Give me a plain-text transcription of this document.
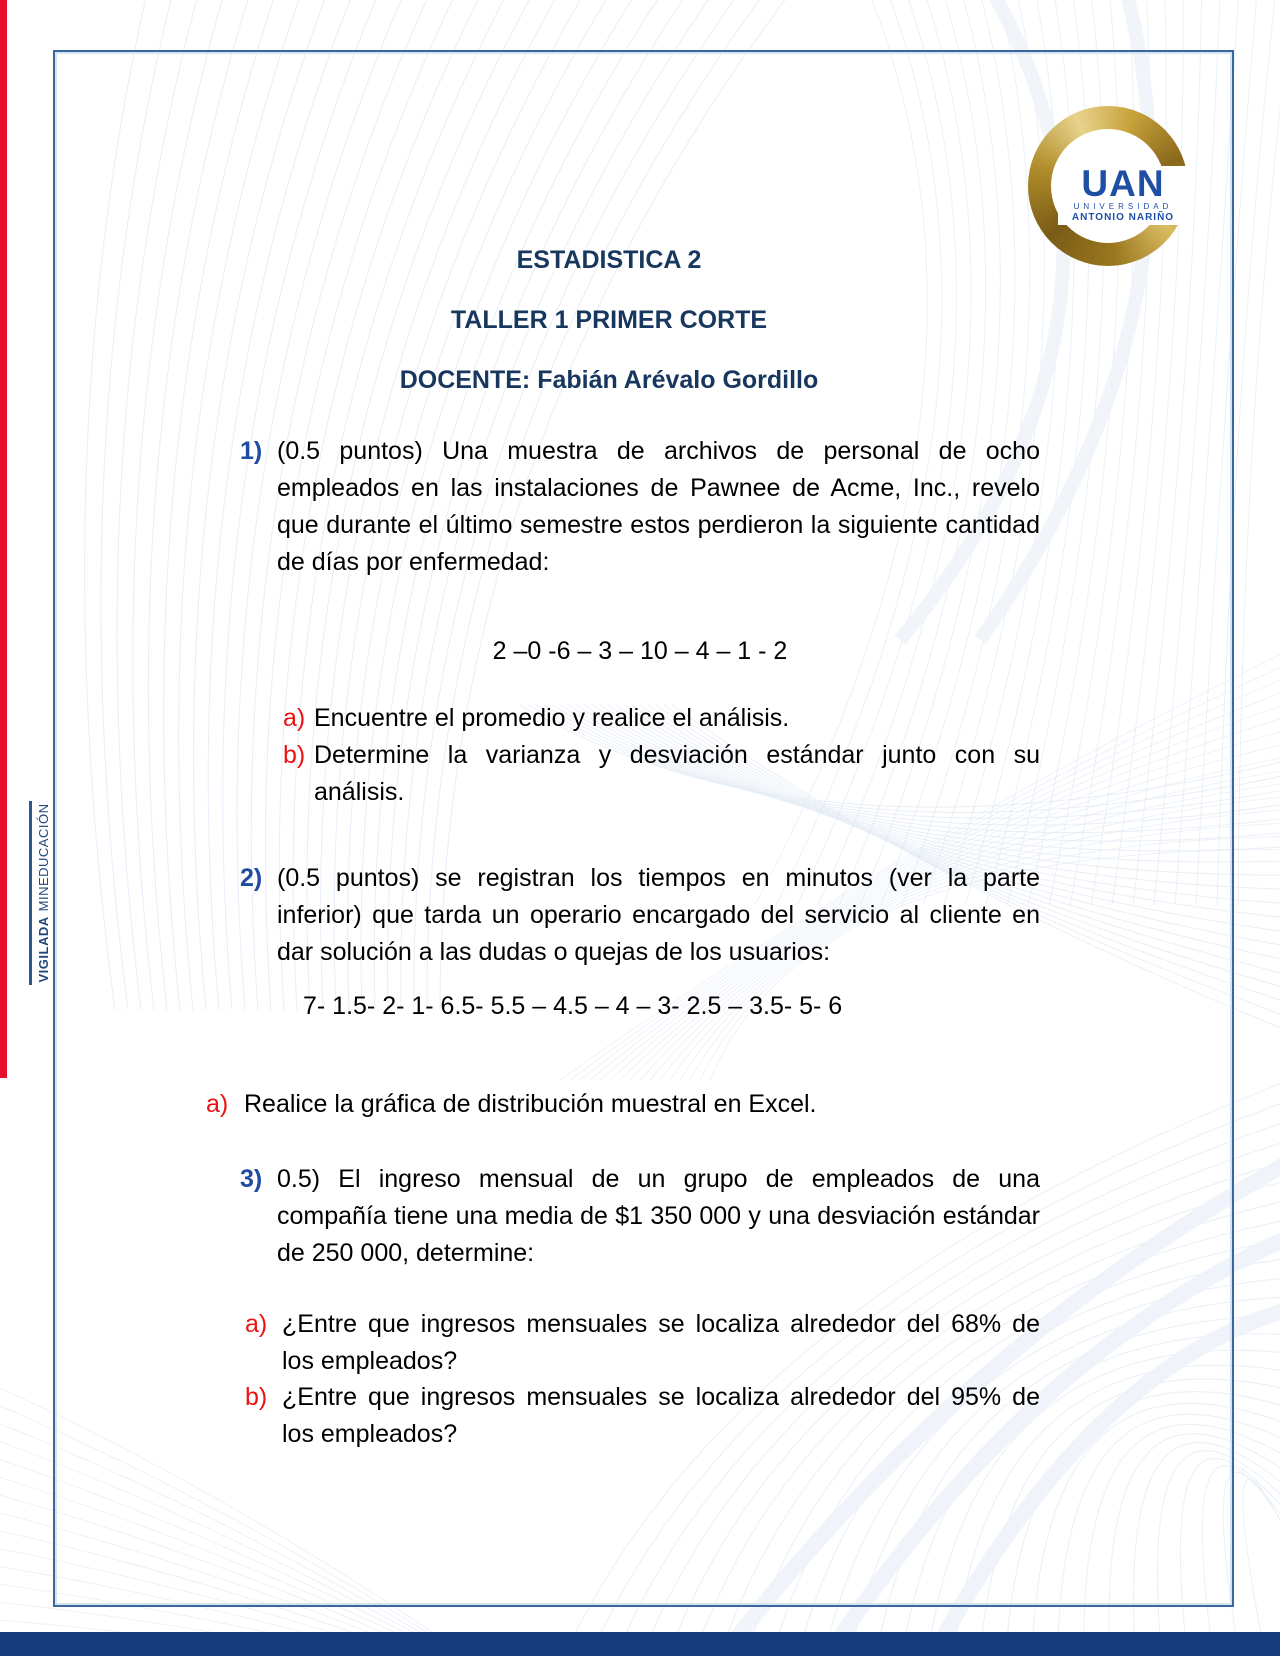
VIGILADA
MINEDUCACIÓN
UAN
UNIVERSIDAD
ANTONIO NARIÑO
ESTADISTICA 2
TALLER 1 PRIMER CORTE
DOCENTE: Fabián Arévalo Gordillo
1) (0.5 puntos) Una muestra de archivos de personal de ocho empleados en las instalaciones de Pawnee de Acme, Inc., revelo que durante el último semestre estos perdieron la siguiente cantidad de días por enfermedad:

2 –0 -6 – 3 – 10 – 4 – 1 - 2
a) Encuentre el promedio y realice el análisis.

b) Determine la varianza y desviación estándar junto con su análisis.

2) (0.5 puntos) se registran los tiempos en minutos (ver la parte inferior) que tarda un operario encargado del servicio al cliente en dar solución a las dudas o quejas de los usuarios:

7- 1.5- 2- 1- 6.5- 5.5 – 4.5 – 4 – 3- 2.5 – 3.5- 5- 6
a) Realice la gráfica de distribución muestral en Excel.

3) 0.5) El ingreso mensual de un grupo de empleados de una compañía tiene una media de $1 350 000 y una desviación estándar de 250 000, determine:

a) ¿Entre que ingresos mensuales se localiza alrededor del 68% de los empleados?

b) ¿Entre que ingresos mensuales se localiza alrededor del 95% de los empleados?
